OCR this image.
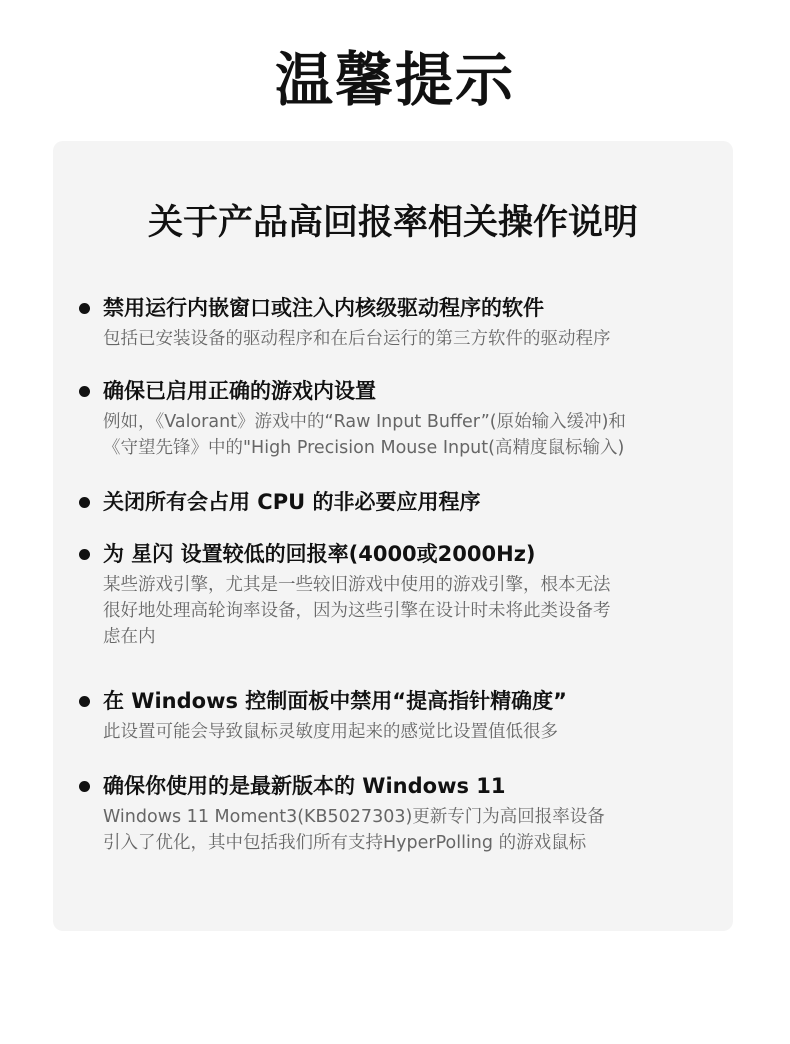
温馨提示
关于产品高回报率相关操作说明
禁用运行内嵌窗口或注入内核级驱动程序的软件
包括已安装设备的驱动程序和在后台运行的第三方软件的驱动程序
确保已启用正确的游戏内设置
例如，《Valorant》游戏中的“Raw Input Buffer”(原始输入缓冲)和
《守望先锋》中的"High Precision Mouse Input(高精度鼠标输入)
关闭所有会占用 CPU 的非必要应用程序
为 星闪 设置较低的回报率(4000或2000Hz)
某些游戏引擎，尤其是一些较旧游戏中使用的游戏引擎，根本无法
很好地处理高轮询率设备，因为这些引擎在设计时未将此类设备考
虑在内
在 Windows 控制面板中禁用“提高指针精确度”
此设置可能会导致鼠标灵敏度用起来的感觉比设置值低很多
确保你使用的是最新版本的 Windows 11
Windows 11 Moment3(KB5027303)更新专门为高回报率设备
引入了优化，其中包括我们所有支持HyperPolling 的游戏鼠标
